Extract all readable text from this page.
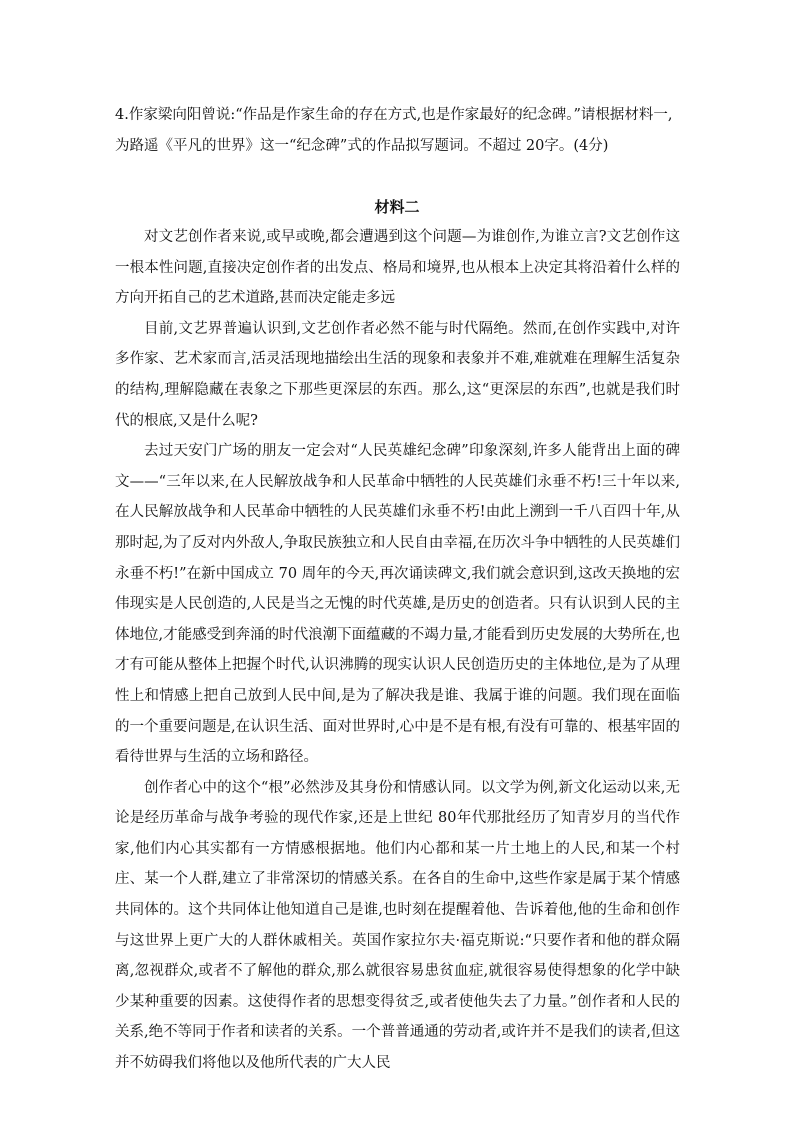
4.作家梁向阳曾说:“作品是作家生命的存在方式,也是作家最好的纪念碑。”请根据材料一,为路遥《平凡的世界》这一“纪念碑”式的作品拟写题词。不超过 20字。(4分)

材料二

对文艺创作者来说,或早或晚,都会遭遇到这个问题—为谁创作,为谁立言?文艺创作这一根本性问题,直接决定创作者的出发点、格局和境界,也从根本上决定其将沿着什么样的方向开拓自己的艺术道路,甚而决定能走多远

目前,文艺界普遍认识到,文艺创作者必然不能与时代隔绝。然而,在创作实践中,对许多作家、艺术家而言,活灵活现地描绘出生活的现象和表象并不难,难就难在理解生活复杂的结构,理解隐藏在表象之下那些更深层的东西。那么,这“更深层的东西”,也就是我们时代的根底,又是什么呢?

去过天安门广场的朋友一定会对“人民英雄纪念碑”印象深刻,许多人能背出上面的碑文——“三年以来,在人民解放战争和人民革命中牺牲的人民英雄们永垂不朽!三十年以来,在人民解放战争和人民革命中牺牲的人民英雄们永垂不朽!由此上溯到一千八百四十年,从那时起,为了反对内外敌人,争取民族独立和人民自由幸福,在历次斗争中牺牲的人民英雄们永垂不朽!”在新中国成立 70 周年的今天,再次诵读碑文,我们就会意识到,这改天换地的宏伟现实是人民创造的,人民是当之无愧的时代英雄,是历史的创造者。只有认识到人民的主体地位,才能感受到奔涌的时代浪潮下面蕴藏的不竭力量,才能看到历史发展的大势所在,也才有可能从整体上把握个时代,认识沸腾的现实认识人民创造历史的主体地位,是为了从理性上和情感上把自己放到人民中间,是为了解决我是谁、我属于谁的问题。我们现在面临的一个重要问题是,在认识生活、面对世界时,心中是不是有根,有没有可靠的、根基牢固的看待世界与生活的立场和路径。

创作者心中的这个“根”必然涉及其身份和情感认同。以文学为例,新文化运动以来,无论是经历革命与战争考验的现代作家,还是上世纪 80年代那批经历了知青岁月的当代作家,他们内心其实都有一方情感根据地。他们内心都和某一片土地上的人民,和某一个村庄、某一个人群,建立了非常深切的情感关系。在各自的生命中,这些作家是属于某个情感共同体的。这个共同体让他知道自己是谁,也时刻在提醒着他、告诉着他,他的生命和创作与这世界上更广大的人群休戚相关。英国作家拉尔夫·福克斯说:“只要作者和他的群众隔离,忽视群众,或者不了解他的群众,那么就很容易患贫血症,就很容易使得想象的化学中缺少某种重要的因素。这使得作者的思想变得贫乏,或者使他失去了力量。”创作者和人民的关系,绝不等同于作者和读者的关系。一个普普通通的劳动者,或许并不是我们的读者,但这并不妨碍我们将他以及他所代表的广大人民
